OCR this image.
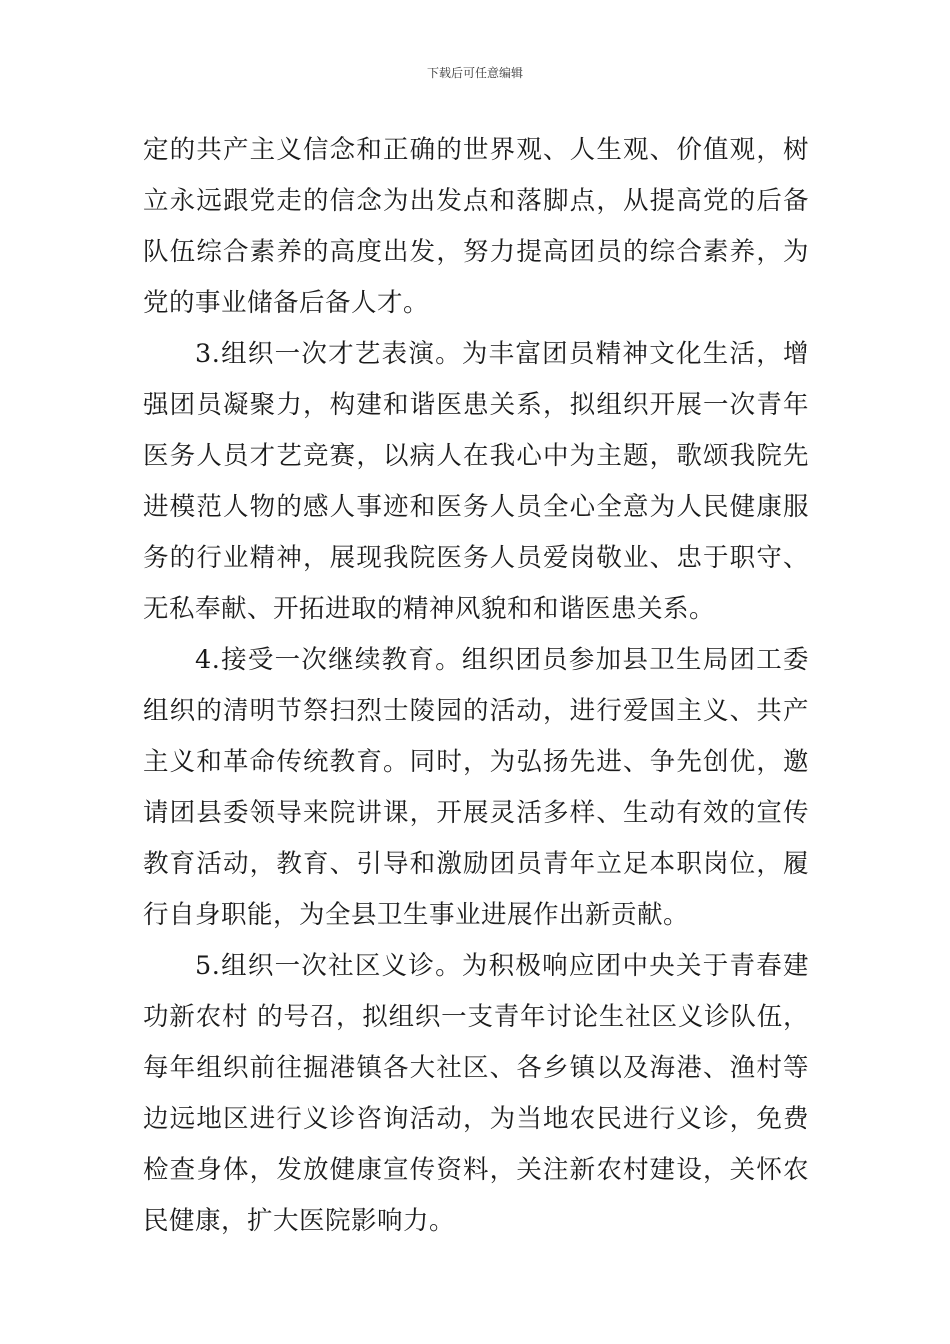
下载后可任意编辑
定的共产主义信念和正确的世界观、人生观、价值观，树
立永远跟党走的信念为出发点和落脚点，从提高党的后备
队伍综合素养的高度出发，努力提高团员的综合素养，为
党的事业储备后备人才。
3.组织一次才艺表演。为丰富团员精神文化生活，增
强团员凝聚力，构建和谐医患关系，拟组织开展一次青年
医务人员才艺竞赛，以病人在我心中为主题，歌颂我院先
进模范人物的感人事迹和医务人员全心全意为人民健康服
务的行业精神，展现我院医务人员爱岗敬业、忠于职守、
无私奉献、开拓进取的精神风貌和和谐医患关系。
4.接受一次继续教育。组织团员参加县卫生局团工委
组织的清明节祭扫烈士陵园的活动，进行爱国主义、共产
主义和革命传统教育。同时，为弘扬先进、争先创优，邀
请团县委领导来院讲课，开展灵活多样、生动有效的宣传
教育活动，教育、引导和激励团员青年立足本职岗位，履
行自身职能，为全县卫生事业进展作出新贡献。
5.组织一次社区义诊。为积极响应团中央关于青春建
功新农村 的号召，拟组织一支青年讨论生社区义诊队伍，
每年组织前往掘港镇各大社区、各乡镇以及海港、渔村等
边远地区进行义诊咨询活动，为当地农民进行义诊，免费
检查身体，发放健康宣传资料，关注新农村建设，关怀农
民健康，扩大医院影响力。
